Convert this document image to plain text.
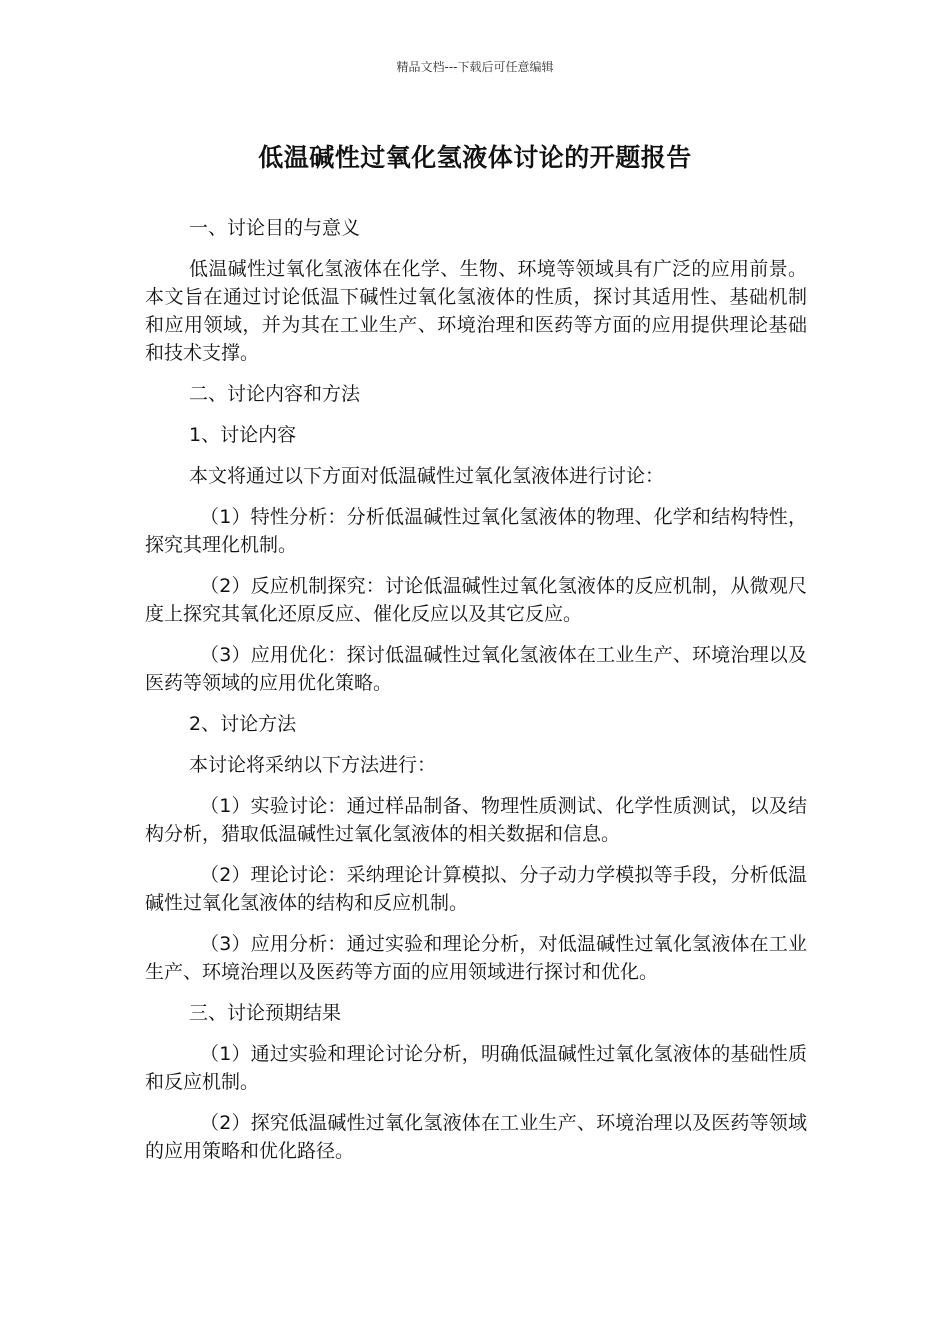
精品文档---下载后可任意编辑
低温碱性过氧化氢液体讨论的开题报告

一、讨论目的与意义

低温碱性过氧化氢液体在化学、生物、环境等领域具有广泛的应用前景。本文旨在通过讨论低温下碱性过氧化氢液体的性质，探讨其适用性、基础机制和应用领域，并为其在工业生产、环境治理和医药等方面的应用提供理论基础和技术支撑。

二、讨论内容和方法

1、讨论内容

本文将通过以下方面对低温碱性过氧化氢液体进行讨论：

（1）特性分析：分析低温碱性过氧化氢液体的物理、化学和结构特性，探究其理化机制。

（2）反应机制探究：讨论低温碱性过氧化氢液体的反应机制，从微观尺度上探究其氧化还原反应、催化反应以及其它反应。

（3）应用优化：探讨低温碱性过氧化氢液体在工业生产、环境治理以及医药等领域的应用优化策略。

2、讨论方法

本讨论将采纳以下方法进行：

（1）实验讨论：通过样品制备、物理性质测试、化学性质测试，以及结构分析，猎取低温碱性过氧化氢液体的相关数据和信息。

（2）理论讨论：采纳理论计算模拟、分子动力学模拟等手段，分析低温碱性过氧化氢液体的结构和反应机制。

（3）应用分析：通过实验和理论分析，对低温碱性过氧化氢液体在工业生产、环境治理以及医药等方面的应用领域进行探讨和优化。

三、讨论预期结果

（1）通过实验和理论讨论分析，明确低温碱性过氧化氢液体的基础性质和反应机制。

（2）探究低温碱性过氧化氢液体在工业生产、环境治理以及医药等领域的应用策略和优化路径。
